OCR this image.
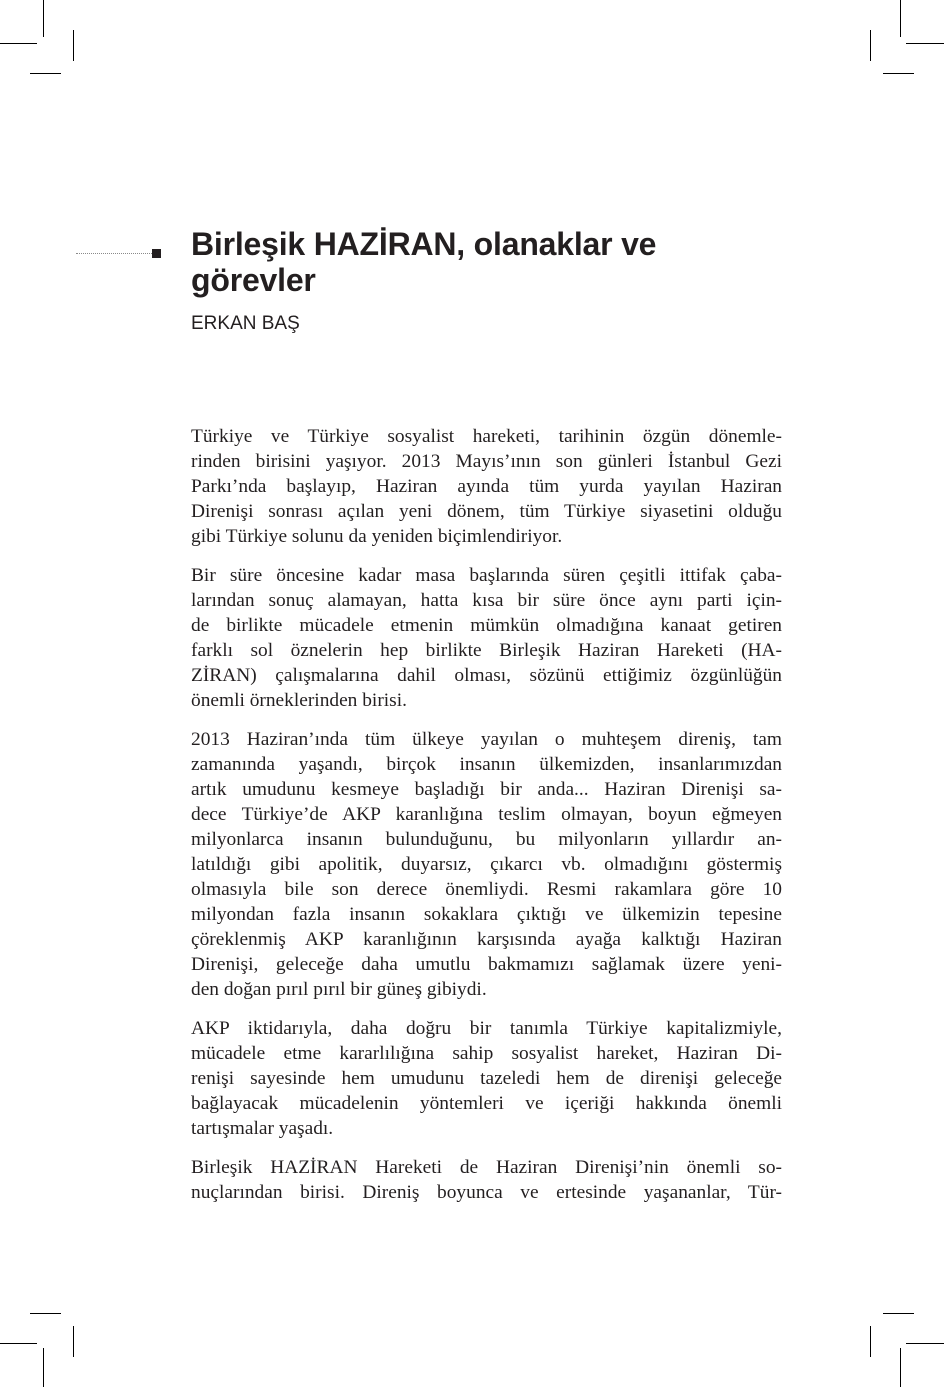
Birleşik HAZİRAN, olanaklar ve
görevler

ERKAN BAŞ

Türkiye ve Türkiye sosyalist hareketi, tarihinin özgün dönemle-
rinden birisini yaşıyor. 2013 Mayıs’ının son günleri İstanbul Gezi
Parkı’nda başlayıp, Haziran ayında tüm yurda yayılan Haziran
Direnişi sonrası açılan yeni dönem, tüm Türkiye siyasetini olduğu
gibi Türkiye solunu da yeniden biçimlendiriyor.

Bir süre öncesine kadar masa başlarında süren çeşitli ittifak çaba-
larından sonuç alamayan, hatta kısa bir süre önce aynı parti için-
de birlikte mücadele etmenin mümkün olmadığına kanaat getiren
farklı sol öznelerin hep birlikte Birleşik Haziran Hareketi (HA-
ZİRAN) çalışmalarına dahil olması, sözünü ettiğimiz özgünlüğün
önemli örneklerinden birisi.

2013 Haziran’ında tüm ülkeye yayılan o muhteşem direniş, tam
zamanında yaşandı, birçok insanın ülkemizden, insanlarımızdan
artık umudunu kesmeye başladığı bir anda... Haziran Direnişi sa-
dece Türkiye’de AKP karanlığına teslim olmayan, boyun eğmeyen
milyonlarca insanın bulunduğunu, bu milyonların yıllardır an-
latıldığı gibi apolitik, duyarsız, çıkarcı vb. olmadığını göstermiş
olmasıyla bile son derece önemliydi. Resmi rakamlara göre 10
milyondan fazla insanın sokaklara çıktığı ve ülkemizin tepesine
çöreklenmiş AKP karanlığının karşısında ayağa kalktığı Haziran
Direnişi, geleceğe daha umutlu bakmamızı sağlamak üzere yeni-
den doğan pırıl pırıl bir güneş gibiydi.

AKP iktidarıyla, daha doğru bir tanımla Türkiye kapitalizmiyle,
mücadele etme kararlılığına sahip sosyalist hareket, Haziran Di-
renişi sayesinde hem umudunu tazeledi hem de direnişi geleceğe
bağlayacak mücadelenin yöntemleri ve içeriği hakkında önemli
tartışmalar yaşadı.

Birleşik HAZİRAN Hareketi de Haziran Direnişi’nin önemli so-
nuçlarından birisi. Direniş boyunca ve ertesinde yaşananlar, Tür-
